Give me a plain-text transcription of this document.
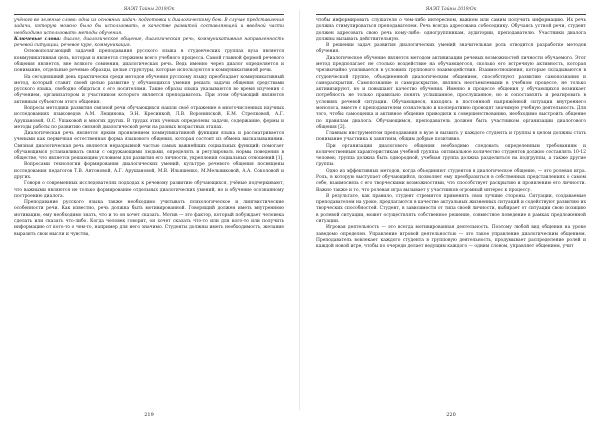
ЯАЭП Тайны 2019/Ок

учёного во зеленые слово: одна из основных задач: подготовка к диалогическому бою. В случае представления задачи, которую можно было бы использовать, в качестве развитой составляющей и вводной части необходимо использовать методы обучения.

Ключевые слова: диалог, диалогическое общение, диалогическая речь, коммуникативная направленность речевой ситуации, речевое куре, коммуникация.

Основополагающий задачей преподавания русского языка в студенческих группах вуза является коммуникативная цель, которая и является стержнем всего учебного процесса. Самой главной формой речевого общения является, вне всякого сомнения, диалогическая речь. Ведь именно через диалог определяется и понимание, отдельные речевые образцы, целые структуры, которые используются в коммуникативной речи.

На сегодняшний день практически среди методов обучения русскому языку преобладает коммуникативный метод, который ставит своей целью развитие у обучающихся умения решать задачи общения средствами русского языка, свободно общаться с его носителями. Такие образы языка указываются во время изучения с обучением, организатором и участником которого является преподаватель. При этом обучающий являются активным субъектом этого общения.

Вопросы методики развития связной речи обучающихся нашли своё отражение в многочисленных научных исследованиях языковедов А.М. Лещинова, Э.Н. Кресинкой, Л.В. Воронинской, Е.М. Стрелковой, А.Г. Арушановой, О.С. Ушаковой и многих других. В трудах этих ученых определены задачи, содержание, формы и методы работы по развитию связной диалогической речи на разных возрастных этапах.

Диалогическая речь является ярким проявлением коммуникативной функции языка и рассматривается учеными как первичная естественная форма языкового общения, которая состоит из обмена высказываниями. Связная диалогическая речь является неразрывной частью самых важнейших социальных функций: помогает обучающимся устанавливать связи с окружающими людьми, определять и регулировать нормы поведения в обществе, что является решающим условием для развития его личности, укрепления социальных отношений [1].

Вопросами технологии формирования диалогических умений, культуре речевого общения посвящены исследования педагогов Т.В. Антоновой, А.Г. Арушановой, М.В. Ильяшенко, М.Мельниковой, А.А. Соколовой и других.

Говоря о современных исследователях подходах к речевому развитию обучающихся, учёные подчеркивают, что важными являются не только формирование отдельных диалогических умений, но и обучение осознанному построению диалога.

Преподавание русского языка также необходимо учитывать психологическое и лингвистические особенности речи. Как известно, речь должна быть мотивированной. Говорящий должен иметь внутреннюю мотивацию, ему необходимо знать, что и то он хочет сказать. Мотив — это фактор, который побуждает человека сделать или сказать что-либо. Когда человек говорит, он хочет сказать что-то или для кого-то или получить информацию от кого-то о чем-то, например для него значимо. Студенты должны иметь необходимость, желание выразить свои мысли и чувства,

219
ЯАЭП Тайны 2019/Ок

чтобы информировать слушателя о чем-либо интересном, важном или самим получить информацию. Их речь должна стимулироваться преподавателем. Речь всегда адресована собеседнику. Обучаясь устной речи, студент должен адресовать свою речь кому-либо: одногруппникам, аудитории, преподавателю. Участники диалога должны вызывать действительную.

В решении задач развития диалогических умений значительная роль отводится разработке методов обучения.

Диалогическое обучение является методом активизации речевых возможностей личности обучаемого. Этот метод предполагает не столько воздействие на обучающегося, сколько его встречную активность, которая чрезвычайно усиливается в условиях группового взаимодействия. Взаимоотношения, которые складываются в студенческой группе, объединенной диалогическим общением, способствуют развитию самопознания и самораскрытия. Самопознание и самораскрытие, являясь неотъемлемыми в учебном процессе, не только активизируют, но и повышают качество обучения. Именно в процессе общения у обучающихся возникает потребность не только правильно понять услышанное, прослушанное, но и сопоставлять и реагировать в условиях речевой ситуации. Обучающиеся, находясь в постоянной напряжённой ситуации внутреннего монолога, вместе с преподавателем сознательно и кооперативно проводят значимую учебную деятельность. Для того, чтобы самооценка и активное общение приводили к совершенствованию, необходимо выстроить общение по правилам диалога. Обучающимся, преподаватель должен быть участником организации диалогового общения [2].

Главным инструментом преподавания в вузе и вызвать у каждого студента и группы в целом должны стать понимание участника к занятиям, общим добрые позитивно.

При организации диалогового общения необходимо следовать определенным требованиям и количественным характеристикам учебной группы: оптимальное количество студентов должно составлять 10-12 человек; группа должна быть однородной, учебная группа должна разделиться на подгруппы, а также другие группы.

Одно из эффективных методов, когда объединяют студентов в диалогическое общение, — это ролевая игра. Роль, в которую выступает обучающийся, позволяет ему преобразиться в собственных представлениях о самом себе, взаимосвязь с его творческими возможностями, что способствует раскрытию и проявлению его личности. Важно также и то, что ролевая игра вызывает у участников огромный интерес к процессу.

В результате, как правило, студент стремится применять свои лучшие стороны. Ситуации, создаваемые преподавателем на уроке, предлагаются в качестве актуальных жизненных ситуаций и содействуют развитию их творческих способностей. Студент, в зависимости от типа своей личности, выбирает от ситуации свою позицию в ролевой ситуации, может осуществлять собственное решение, совместное поведение в рамках предложенной ситуации.

Игровая деятельность — это всегда мотивированная деятельность. Поэтому любой вид общения на уроке заведомо определен. Управление игровой деятельностью — это такое управление диалогическим общением. Преподаватель вовлекает каждого студента в групповую деятельность, продумывает распределение ролей и каждой новой игре, чтобы по очереди делает ведущим каждого — одним словом, управляет общением, учит

220
